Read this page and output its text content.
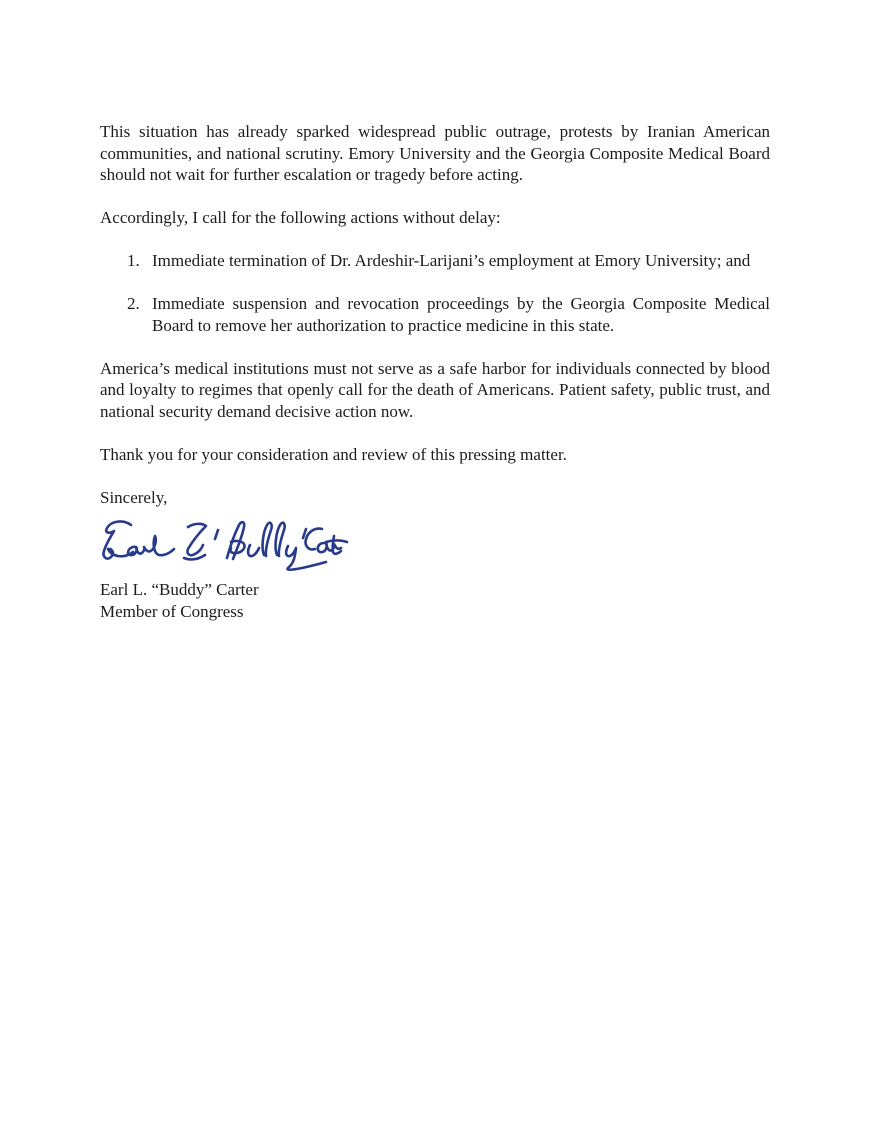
This situation has already sparked widespread public outrage, protests by Iranian American communities, and national scrutiny. Emory University and the Georgia Composite Medical Board should not wait for further escalation or tragedy before acting.

Accordingly, I call for the following actions without delay:

1. Immediate termination of Dr. Ardeshir-Larijani’s employment at Emory University; and
2. Immediate suspension and revocation proceedings by the Georgia Composite Medical Board to remove her authorization to practice medicine in this state.

America’s medical institutions must not serve as a safe harbor for individuals connected by blood and loyalty to regimes that openly call for the death of Americans. Patient safety, public trust, and national security demand decisive action now.

Thank you for your consideration and review of this pressing matter.

Sincerely,

Earl L. “Buddy” Carter
Member of Congress
